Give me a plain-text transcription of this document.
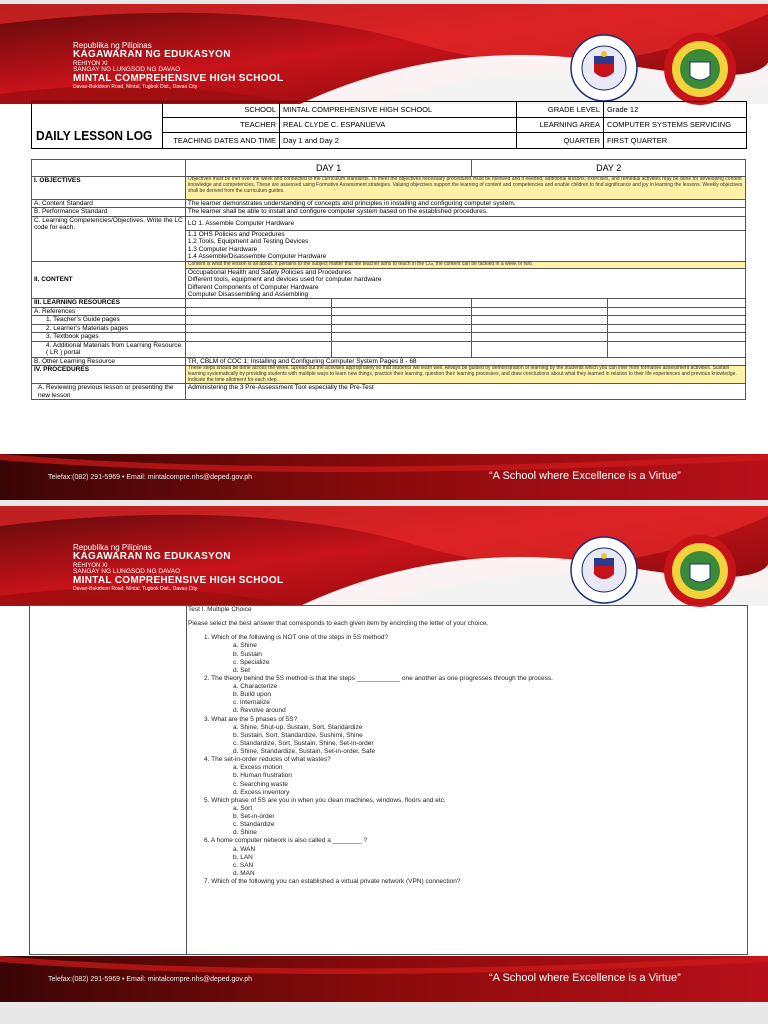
Republika ng Pilipinas
KAGAWARAN NG EDUKASYON
REHIYON XI
SANGAY NG LUNGSOD NG DAVAO
MINTAL COMPREHENSIVE HIGH SCHOOL
Davao-Bukidnon Road, Mintal, Tugbok Dist., Davao City
	SCHOOL	MINTAL COMPREHENSIVE HIGH SCHOOL	GRADE LEVEL	Grade 12
	TEACHER	REAL CLYDE C. ESPANUEVA	LEARNING AREA	COMPUTER SYSTEMS SERVICING
	TEACHING DATES AND TIME	Day 1 and Day 2	QUARTER	FIRST QUARTER
DAILY LESSON LOG
	DAY 1		DAY 2	
I. OBJECTIVES	Objectives must be met over the week and connected to the curriculum standards. To meet the objectives necessary procedures must be followed and if needed, additional lessons, exercises, and remedial activities may be done for developing content knowledge and competencies. These are assessed using Formative Assessment strategies. Valuing objectives support the learning of content and competencies and enable children to find significance and joy in learning the lessons. Weekly objectives shall be derived from the curriculum guides.			
A. Content Standard	The learner demonstrates understanding of concepts and principles in installing and configuring computer system.			
B. Performance Standard	The learner shall be able to install and configure computer system based on the established procedures.			
C. Learning Competencies/Objectives. Write the LC code for each.	LO 1. Assemble Computer Hardware			

	1.1 OHS Policies and Procedures
1.2 Tools, Equipment and Testing Devices
1.3 Computer Hardware
1.4 Assemble/Disassemble Computer Hardware			

II. CONTENT	Content is what the lesson is all about. It pertains to the subject matter that the teacher aims to teach in the CG, the content can be tackled in a week or two.			

	Occupational Health and Safety Policies and Procedures
Different tools, equipment and devices used for computer hardware
Different Components of Computer Hardware
Computer Disassembling and Assembling			

III. LEARNING RESOURCES				
A. References				
1. Teacher’s Guide pages				
2. Learner’s Materials pages				
3. Textbook pages				
4. Additional Materials from Learning Resource ( LR ) portal				
B. Other Learning Resource	TR, CBLM of COC 1: Installing and Configuring Computer System Pages 8 - 68			
IV. PROCEDURES	These steps should be done across the week. Spread out the activities appropriately so that students will learn well. Always be guided by demonstration of learning by the students which you can infer from formative assessment activities. Sustain learning systematically by providing students with multiple ways to learn new things, practice their learning, question their learning processes, and draw conclusions about what they learned in relation to their life experiences and previous knowledge. Indicate the time allotment for each step.			
A. Reviewing previous lesson or presenting the new lesson	Administering the 3 Pre-Assessment Tool especially the Pre-Test			
Telefax:(082) 291-5969 • Email: mintalcompre.nhs@deped.gov.ph	“A School where Excellence is a Virtue”
Republika ng Pilipinas
KAGAWARAN NG EDUKASYON
REHIYON XI
SANGAY NG LUNGSOD NG DAVAO
MINTAL COMPREHENSIVE HIGH SCHOOL
Davao-Bukidnon Road, Mintal, Tugbok Dist., Davao City
Test I. Multiple Choice
Please select the best answer that corresponds to each given item by encircling the letter of your choice.
1. Which of the following is NOT one of the steps in 5S method?
a. Shine
b. Sustain
c. Specialize
d. Set
2. The theory behind the 5S method is that the steps ____________ one another as one progresses through the process.
a. Characterize
b. Build upon
c. Internalize
d. Revolve around
3. What are the 5 phases of 5S?
a. Shine, Shut-up, Sustain, Sort, Standardize
b. Sustain, Sort, Standardize, Sushimi, Shine
c. Standardize, Sort, Sustain, Shine, Set-in-order
d. Shine, Standardize, Sustain, Set-in-order, Safe
4. The set-in-order reduces of what wastes?
a. Excess motion
b. Human frustration
c. Searching waste
d. Excess inventory
5. Which phase of 5S are you in when you clean machines, windows, floors and etc.
a. Sort
b. Set-in-order
c. Standardize
d. Shine
6. A home computer network is also called a ________ ?
a. WAN
b. LAN
c. SAN
d. MAN
7. Which of the following you can established a virtual private network (VPN) connection?
Telefax:(082) 291-5969 • Email: mintalcompre.nhs@deped.gov.ph	“A School where Excellence is a Virtue”
